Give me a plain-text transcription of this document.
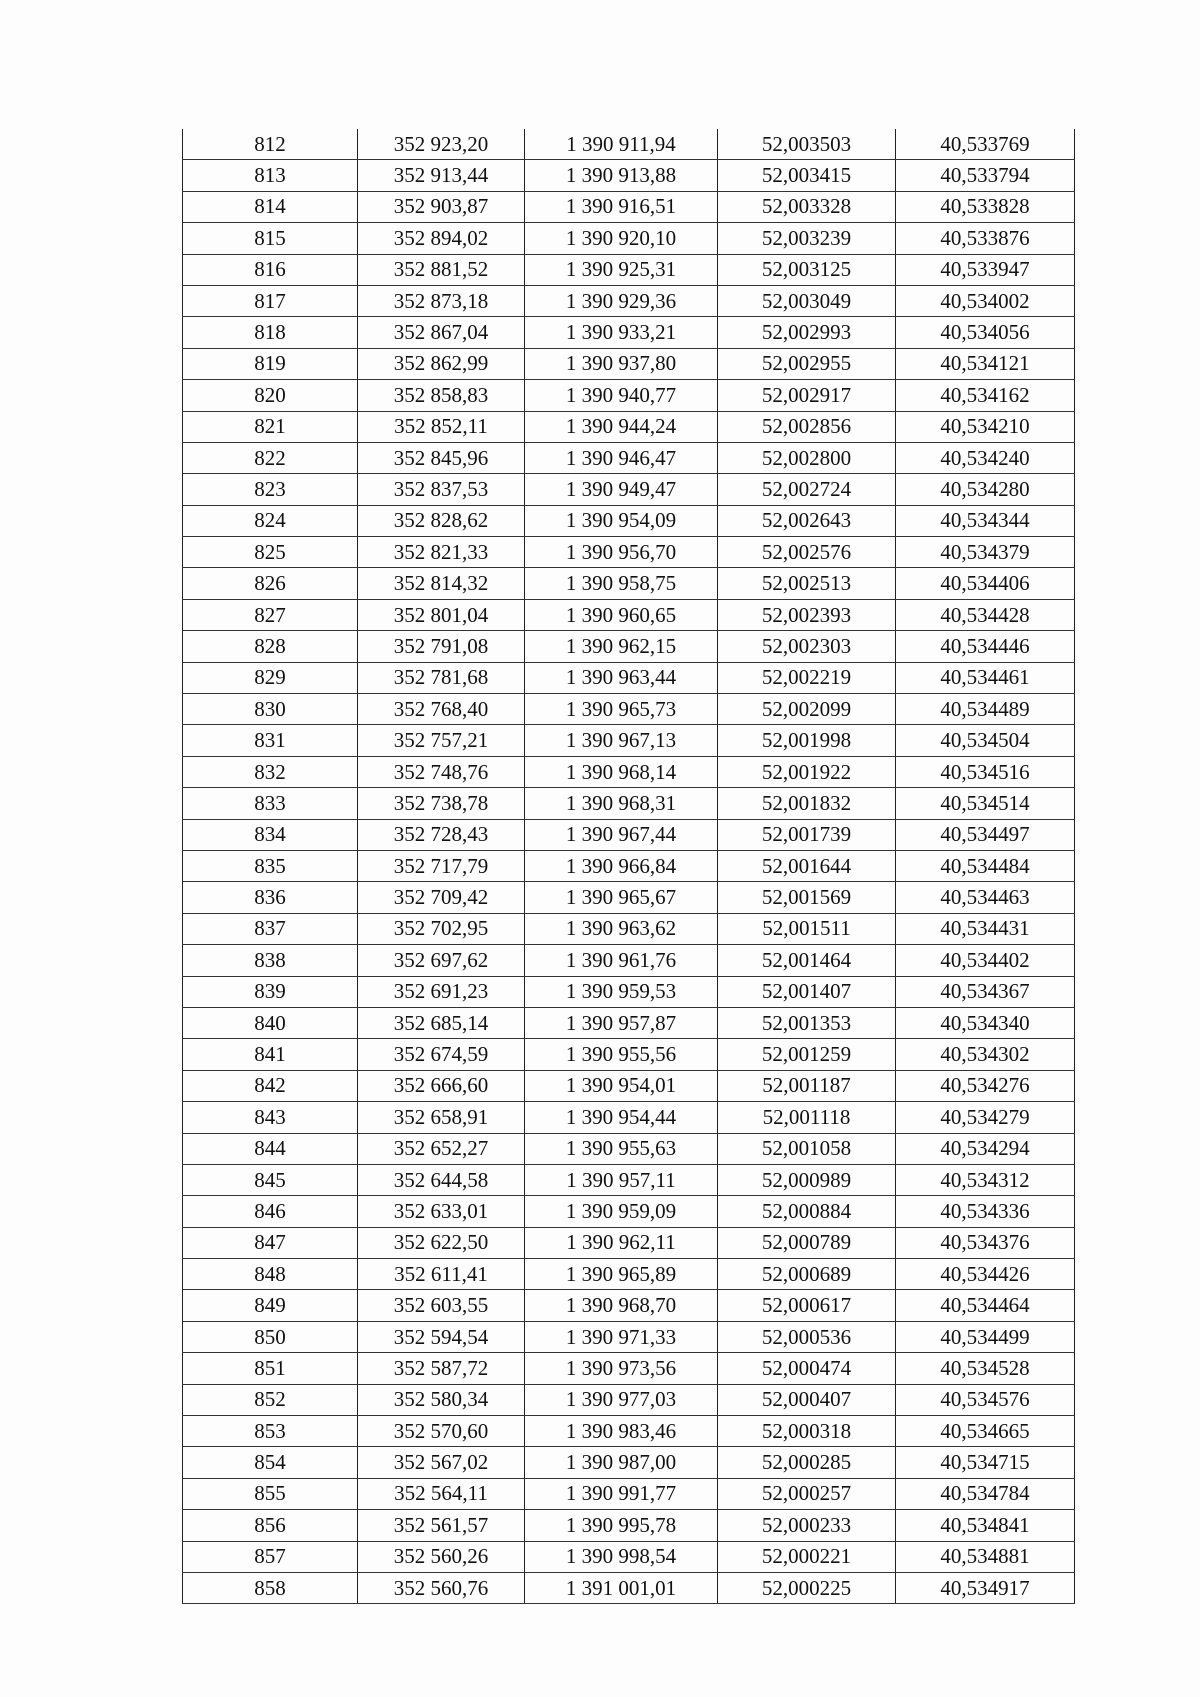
812	352 923,20	1 390 911,94	52,003503	40,533769
813	352 913,44	1 390 913,88	52,003415	40,533794
814	352 903,87	1 390 916,51	52,003328	40,533828
815	352 894,02	1 390 920,10	52,003239	40,533876
816	352 881,52	1 390 925,31	52,003125	40,533947
817	352 873,18	1 390 929,36	52,003049	40,534002
818	352 867,04	1 390 933,21	52,002993	40,534056
819	352 862,99	1 390 937,80	52,002955	40,534121
820	352 858,83	1 390 940,77	52,002917	40,534162
821	352 852,11	1 390 944,24	52,002856	40,534210
822	352 845,96	1 390 946,47	52,002800	40,534240
823	352 837,53	1 390 949,47	52,002724	40,534280
824	352 828,62	1 390 954,09	52,002643	40,534344
825	352 821,33	1 390 956,70	52,002576	40,534379
826	352 814,32	1 390 958,75	52,002513	40,534406
827	352 801,04	1 390 960,65	52,002393	40,534428
828	352 791,08	1 390 962,15	52,002303	40,534446
829	352 781,68	1 390 963,44	52,002219	40,534461
830	352 768,40	1 390 965,73	52,002099	40,534489
831	352 757,21	1 390 967,13	52,001998	40,534504
832	352 748,76	1 390 968,14	52,001922	40,534516
833	352 738,78	1 390 968,31	52,001832	40,534514
834	352 728,43	1 390 967,44	52,001739	40,534497
835	352 717,79	1 390 966,84	52,001644	40,534484
836	352 709,42	1 390 965,67	52,001569	40,534463
837	352 702,95	1 390 963,62	52,001511	40,534431
838	352 697,62	1 390 961,76	52,001464	40,534402
839	352 691,23	1 390 959,53	52,001407	40,534367
840	352 685,14	1 390 957,87	52,001353	40,534340
841	352 674,59	1 390 955,56	52,001259	40,534302
842	352 666,60	1 390 954,01	52,001187	40,534276
843	352 658,91	1 390 954,44	52,001118	40,534279
844	352 652,27	1 390 955,63	52,001058	40,534294
845	352 644,58	1 390 957,11	52,000989	40,534312
846	352 633,01	1 390 959,09	52,000884	40,534336
847	352 622,50	1 390 962,11	52,000789	40,534376
848	352 611,41	1 390 965,89	52,000689	40,534426
849	352 603,55	1 390 968,70	52,000617	40,534464
850	352 594,54	1 390 971,33	52,000536	40,534499
851	352 587,72	1 390 973,56	52,000474	40,534528
852	352 580,34	1 390 977,03	52,000407	40,534576
853	352 570,60	1 390 983,46	52,000318	40,534665
854	352 567,02	1 390 987,00	52,000285	40,534715
855	352 564,11	1 390 991,77	52,000257	40,534784
856	352 561,57	1 390 995,78	52,000233	40,534841
857	352 560,26	1 390 998,54	52,000221	40,534881
858	352 560,76	1 391 001,01	52,000225	40,534917
